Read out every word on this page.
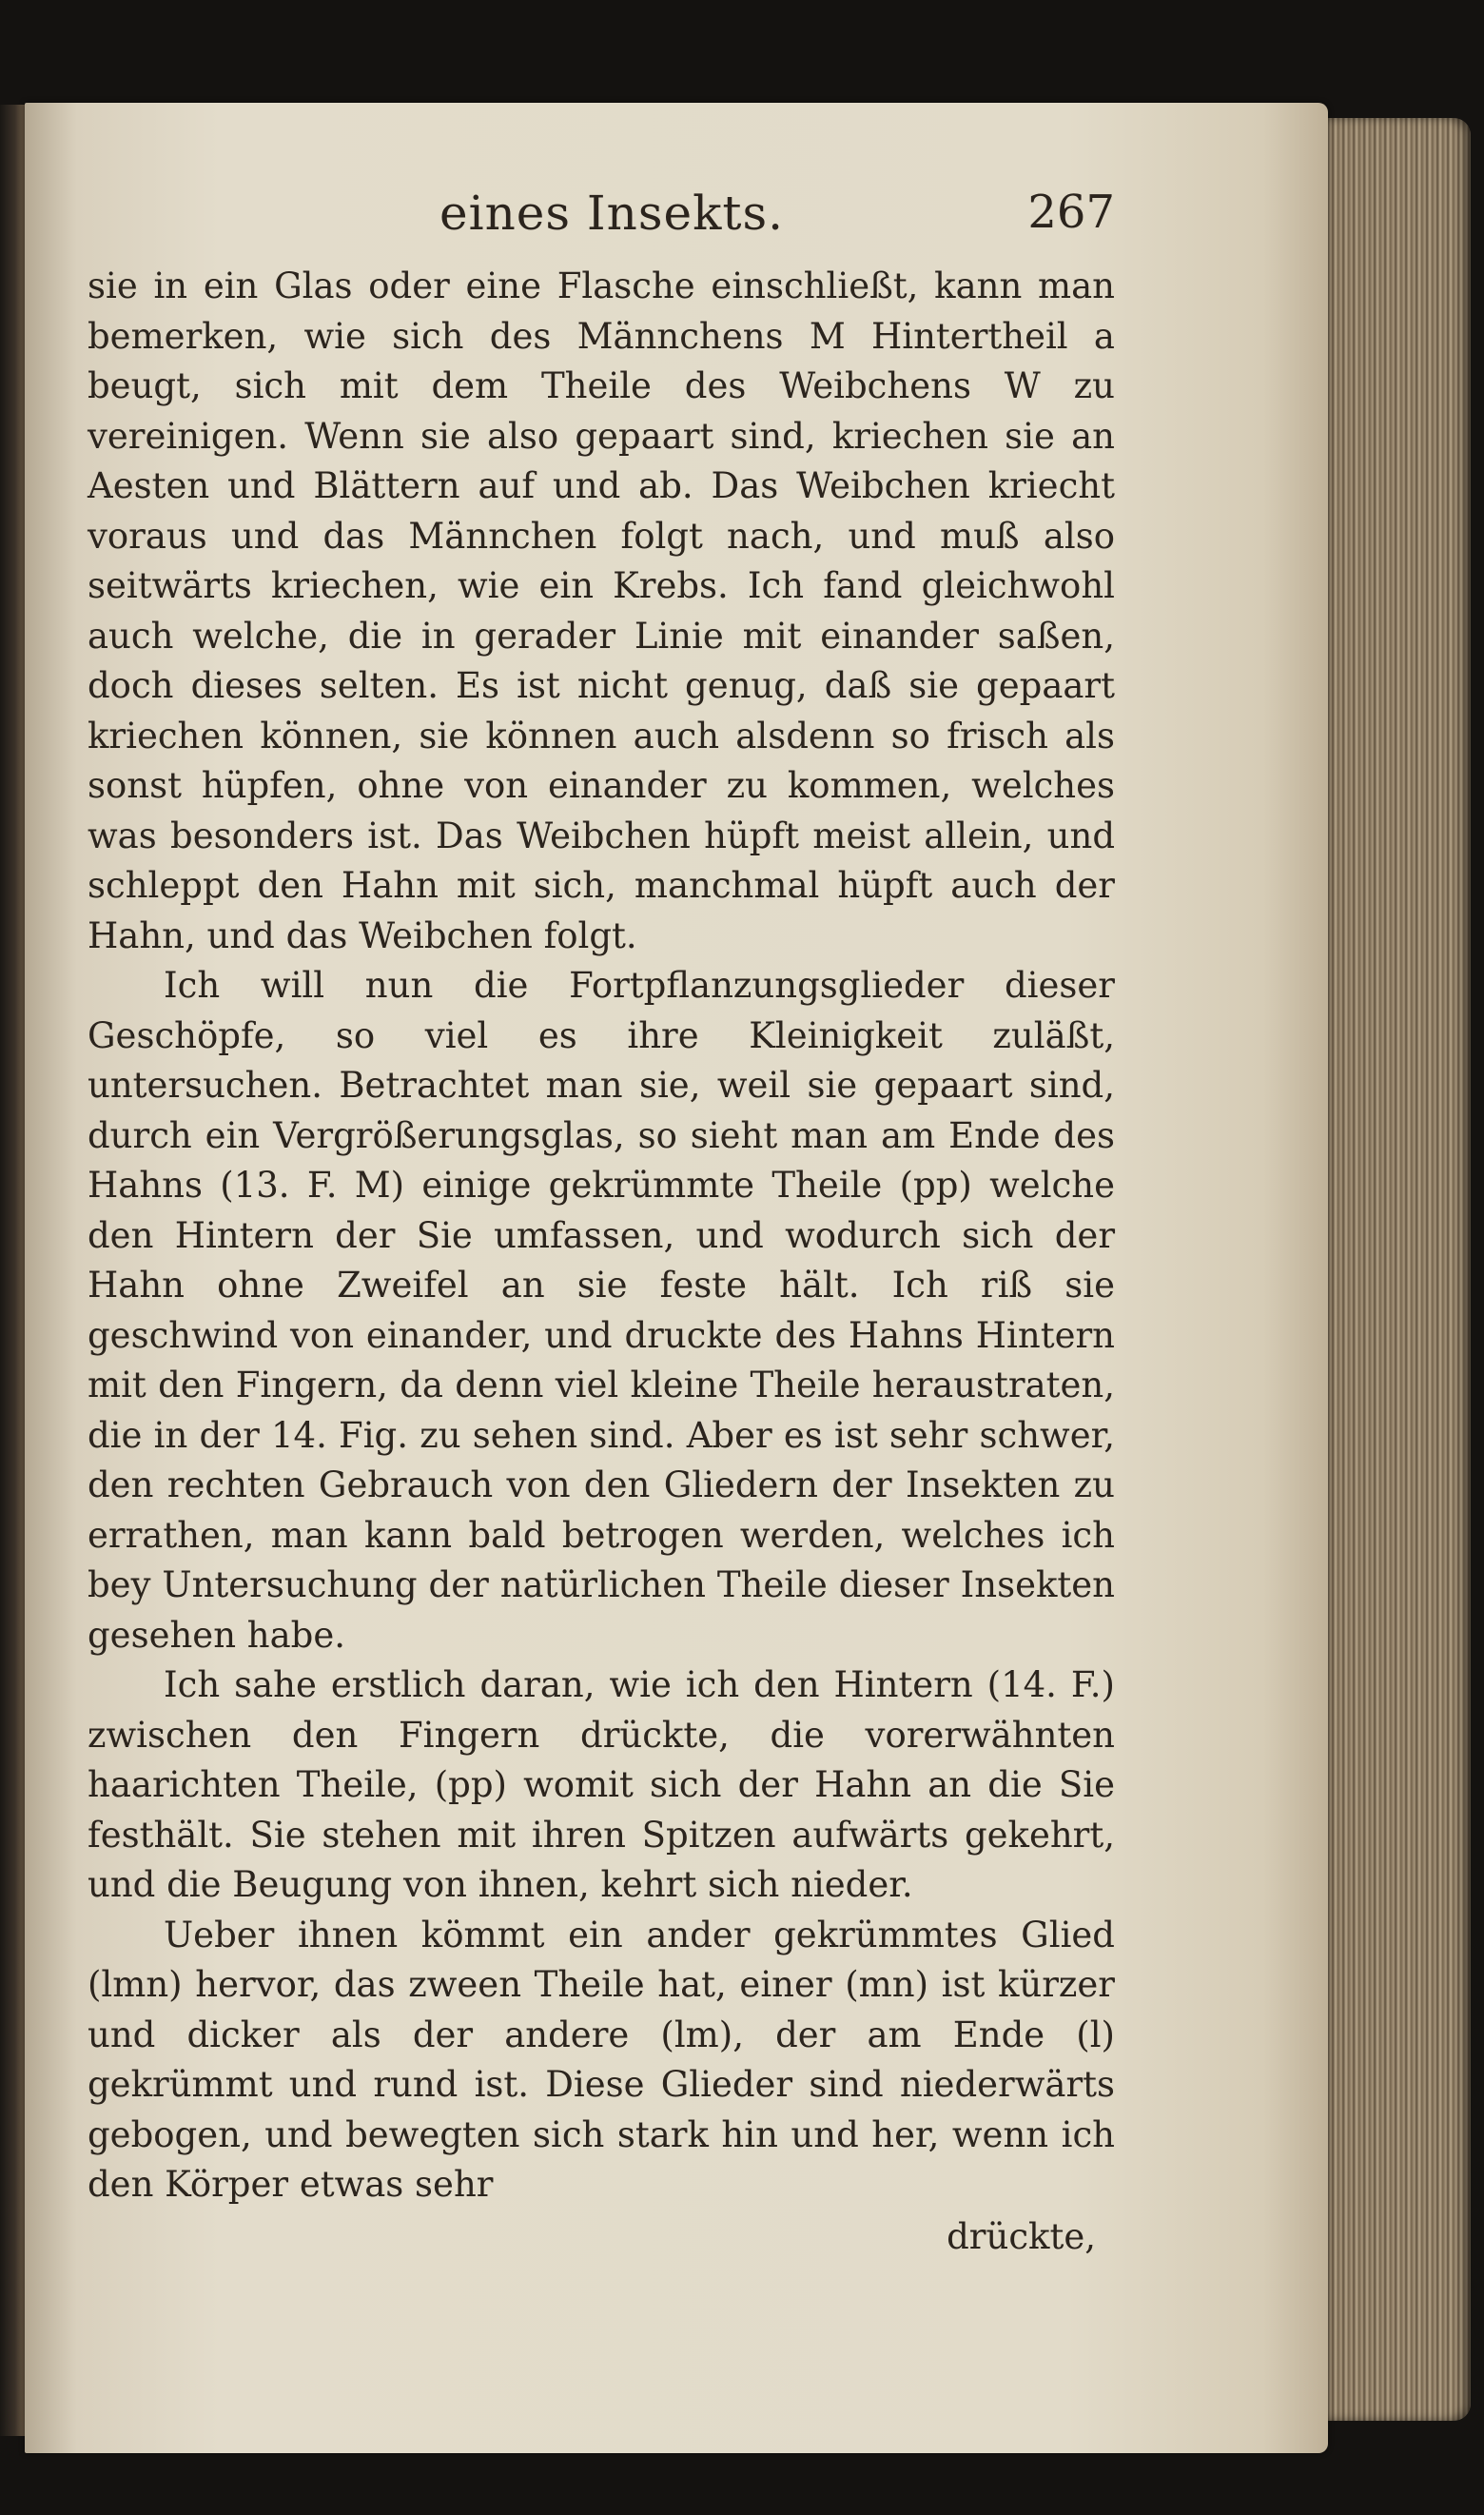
eines Insekts.	267

sie in ein Glas oder eine Flasche einschließt, kann man bemerken, wie sich des Männchens M Hintertheil a beugt, sich mit dem Theile des Weibchens W zu vereinigen. Wenn sie also gepaart sind, kriechen sie an Aesten und Blättern auf und ab. Das Weibchen kriecht voraus und das Männchen folgt nach, und muß also seitwärts kriechen, wie ein Krebs. Ich fand gleichwohl auch welche, die in gerader Linie mit einander saßen, doch dieses selten. Es ist nicht genug, daß sie gepaart kriechen können, sie können auch alsdenn so frisch als sonst hüpfen, ohne von einander zu kommen, welches was besonders ist. Das Weibchen hüpft meist allein, und schleppt den Hahn mit sich, manchmal hüpft auch der Hahn, und das Weibchen folgt.

Ich will nun die Fortpflanzungsglieder dieser Geschöpfe, so viel es ihre Kleinigkeit zuläßt, untersuchen. Betrachtet man sie, weil sie gepaart sind, durch ein Vergrößerungsglas, so sieht man am Ende des Hahns (13. F. M) einige gekrümmte Theile (pp) welche den Hintern der Sie umfassen, und wodurch sich der Hahn ohne Zweifel an sie feste hält. Ich riß sie geschwind von einander, und druckte des Hahns Hintern mit den Fingern, da denn viel kleine Theile heraustraten, die in der 14. Fig. zu sehen sind. Aber es ist sehr schwer, den rechten Gebrauch von den Gliedern der Insekten zu errathen, man kann bald betrogen werden, welches ich bey Untersuchung der natürlichen Theile dieser Insekten gesehen habe.

Ich sahe erstlich daran, wie ich den Hintern (14. F.) zwischen den Fingern drückte, die vorerwähnten haarichten Theile, (pp) womit sich der Hahn an die Sie festhält. Sie stehen mit ihren Spitzen aufwärts gekehrt, und die Beugung von ihnen, kehrt sich nieder.

Ueber ihnen kömmt ein ander gekrümmtes Glied (lmn) hervor, das zween Theile hat, einer (mn) ist kürzer und dicker als der andere (lm), der am Ende (l) gekrümmt und rund ist. Diese Glieder sind niederwärts gebogen, und bewegten sich stark hin und her, wenn ich den Körper etwas sehr

drückte,
